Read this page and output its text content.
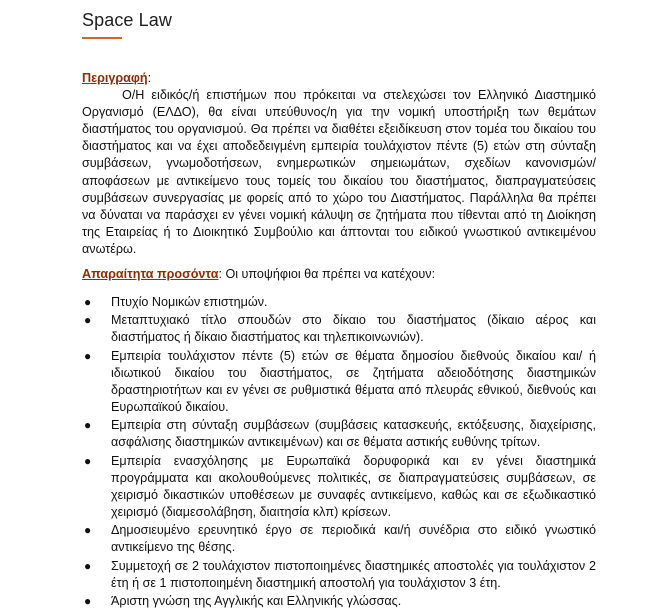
Space Law
Περιγραφή:
Ο/Η ειδικός/ή επιστήμων που πρόκειται να στελεχώσει τον Ελληνικό Διαστημικό Οργανισμό (ΕΛΔΟ), θα είναι υπεύθυνος/η για την νομική υποστήριξη των θεμάτων διαστήματος του οργανισμού. Θα πρέπει να διαθέτει εξειδίκευση στον τομέα του δικαίου του διαστήματος και να έχει αποδεδειγμένη εμπειρία τουλάχιστον πέντε (5) ετών στη σύνταξη συμβάσεων, γνωμοδοτήσεων, ενημερωτικών σημειωμάτων, σχεδίων κανονισμών/αποφάσεων με αντικείμενο τους τομείς του δικαίου του διαστήματος, διαπραγματεύσεις συμβάσεων συνεργασίας με φορείς από το χώρο του Διαστήματος. Παράλληλα θα πρέπει να δύναται να παράσχει εν γένει νομική κάλυψη σε ζητήματα που τίθενται από τη Διοίκηση της Εταιρείας ή το Διοικητικό Συμβούλιο και άπτονται του ειδικού γνωστικού αντικειμένου ανωτέρω.
Απαραίτητα προσόντα: Οι υποψήφιοι θα πρέπει να κατέχουν:
● Πτυχίο Νομικών επιστημών.
● Μεταπτυχιακό τίτλο σπουδών στο δίκαιο του διαστήματος (δίκαιο αέρος και διαστήματος ή δίκαιο διαστήματος και τηλεπικοινωνιών).
● Εμπειρία τουλάχιστον πέντε (5) ετών σε θέματα δημοσίου διεθνούς δικαίου και/ ή ιδιωτικού δικαίου του διαστήματος, σε ζητήματα αδειοδότησης διαστημικών δραστηριοτήτων και εν γένει σε ρυθμιστικά θέματα από πλευράς εθνικού, διεθνούς και Ευρωπαϊκού δικαίου.
● Εμπειρία στη σύνταξη συμβάσεων (συμβάσεις κατασκευής, εκτόξευσης, διαχείρισης, ασφάλισης διαστημικών αντικειμένων) και σε θέματα αστικής ευθύνης τρίτων.
● Εμπειρία ενασχόλησης με Ευρωπαϊκά δορυφορικά και εν γένει διαστημικά προγράμματα και ακολουθούμενες πολιτικές, σε διαπραγματεύσεις συμβάσεων, σε χειρισμό δικαστικών υποθέσεων με συναφές αντικείμενο, καθώς και σε εξωδικαστικό χειρισμό (διαμεσολάβηση, διαιτησία κλπ) κρίσεων.
● Δημοσιευμένο ερευνητικό έργο σε περιοδικά και/ή συνέδρια στο ειδικό γνωστικό αντικείμενο της θέσης.
● Συμμετοχή σε 2 τουλάχιστον πιστοποιημένες διαστημικές αποστολές για τουλάχιστον 2 έτη ή σε 1 πιστοποιημένη διαστημική αποστολή για τουλάχιστον 3 έτη.
● Άριστη γνώση της Αγγλικής και Ελληνικής γλώσσας.
